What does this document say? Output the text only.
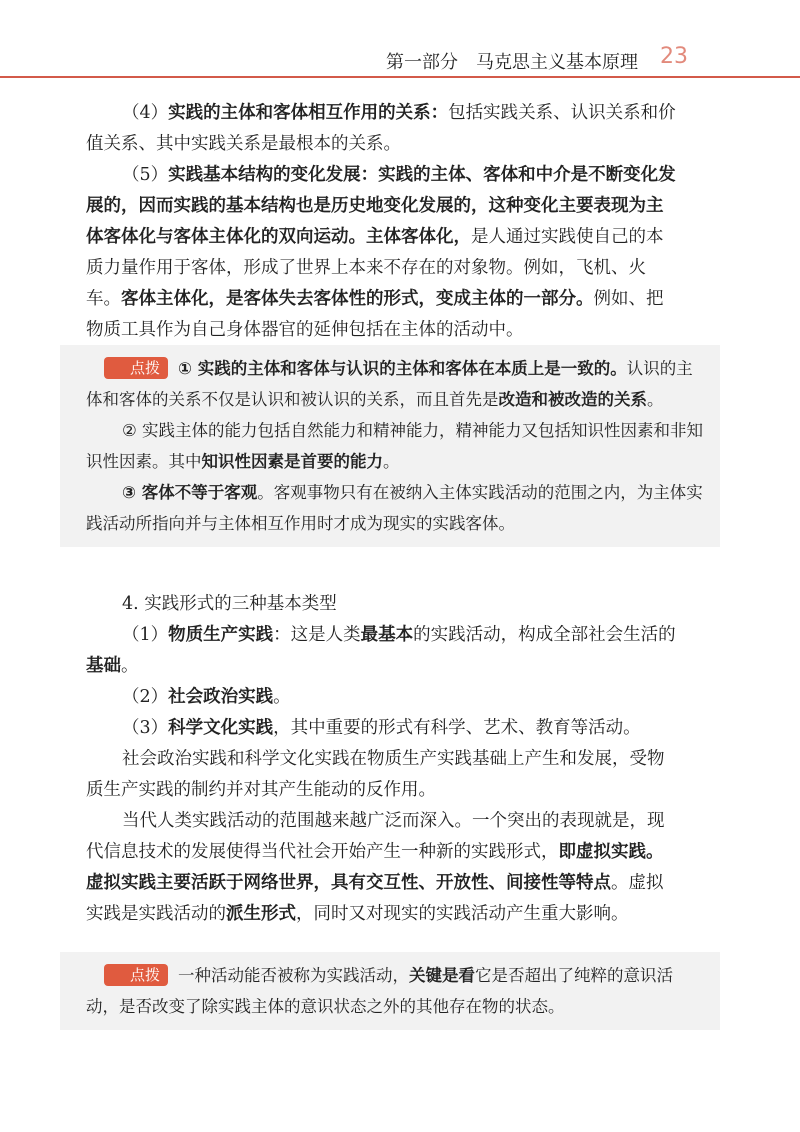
第一部分　马克思主义基本原理 23

（4）实践的主体和客体相互作用的关系：包括实践关系、认识关系和价值关系、其中实践关系是最根本的关系。

（5）实践基本结构的变化发展：实践的主体、客体和中介是不断变化发展的，因而实践的基本结构也是历史地变化发展的，这种变化主要表现为主体客体化与客体主体化的双向运动。主体客体化，是人通过实践使自己的本质力量作用于客体，形成了世界上本来不存在的对象物。例如，飞机、火车。客体主体化，是客体失去客体性的形式，变成主体的一部分。例如、把物质工具作为自己身体器官的延伸包括在主体的活动中。

点拨 ① 实践的主体和客体与认识的主体和客体在本质上是一致的。认识的主体和客体的关系不仅是认识和被认识的关系，而且首先是改造和被改造的关系。

② 实践主体的能力包括自然能力和精神能力，精神能力又包括知识性因素和非知识性因素。其中知识性因素是首要的能力。

③ 客体不等于客观。客观事物只有在被纳入主体实践活动的范围之内，为主体实践活动所指向并与主体相互作用时才成为现实的实践客体。

4. 实践形式的三种基本类型

（1）物质生产实践：这是人类最基本的实践活动，构成全部社会生活的基础。

（2）社会政治实践。

（3）科学文化实践，其中重要的形式有科学、艺术、教育等活动。

社会政治实践和科学文化实践在物质生产实践基础上产生和发展，受物质生产实践的制约并对其产生能动的反作用。

当代人类实践活动的范围越来越广泛而深入。一个突出的表现就是，现代信息技术的发展使得当代社会开始产生一种新的实践形式，即虚拟实践。虚拟实践主要活跃于网络世界，具有交互性、开放性、间接性等特点。虚拟实践是实践活动的派生形式，同时又对现实的实践活动产生重大影响。

点拨 一种活动能否被称为实践活动，关键是看它是否超出了纯粹的意识活动，是否改变了除实践主体的意识状态之外的其他存在物的状态。
